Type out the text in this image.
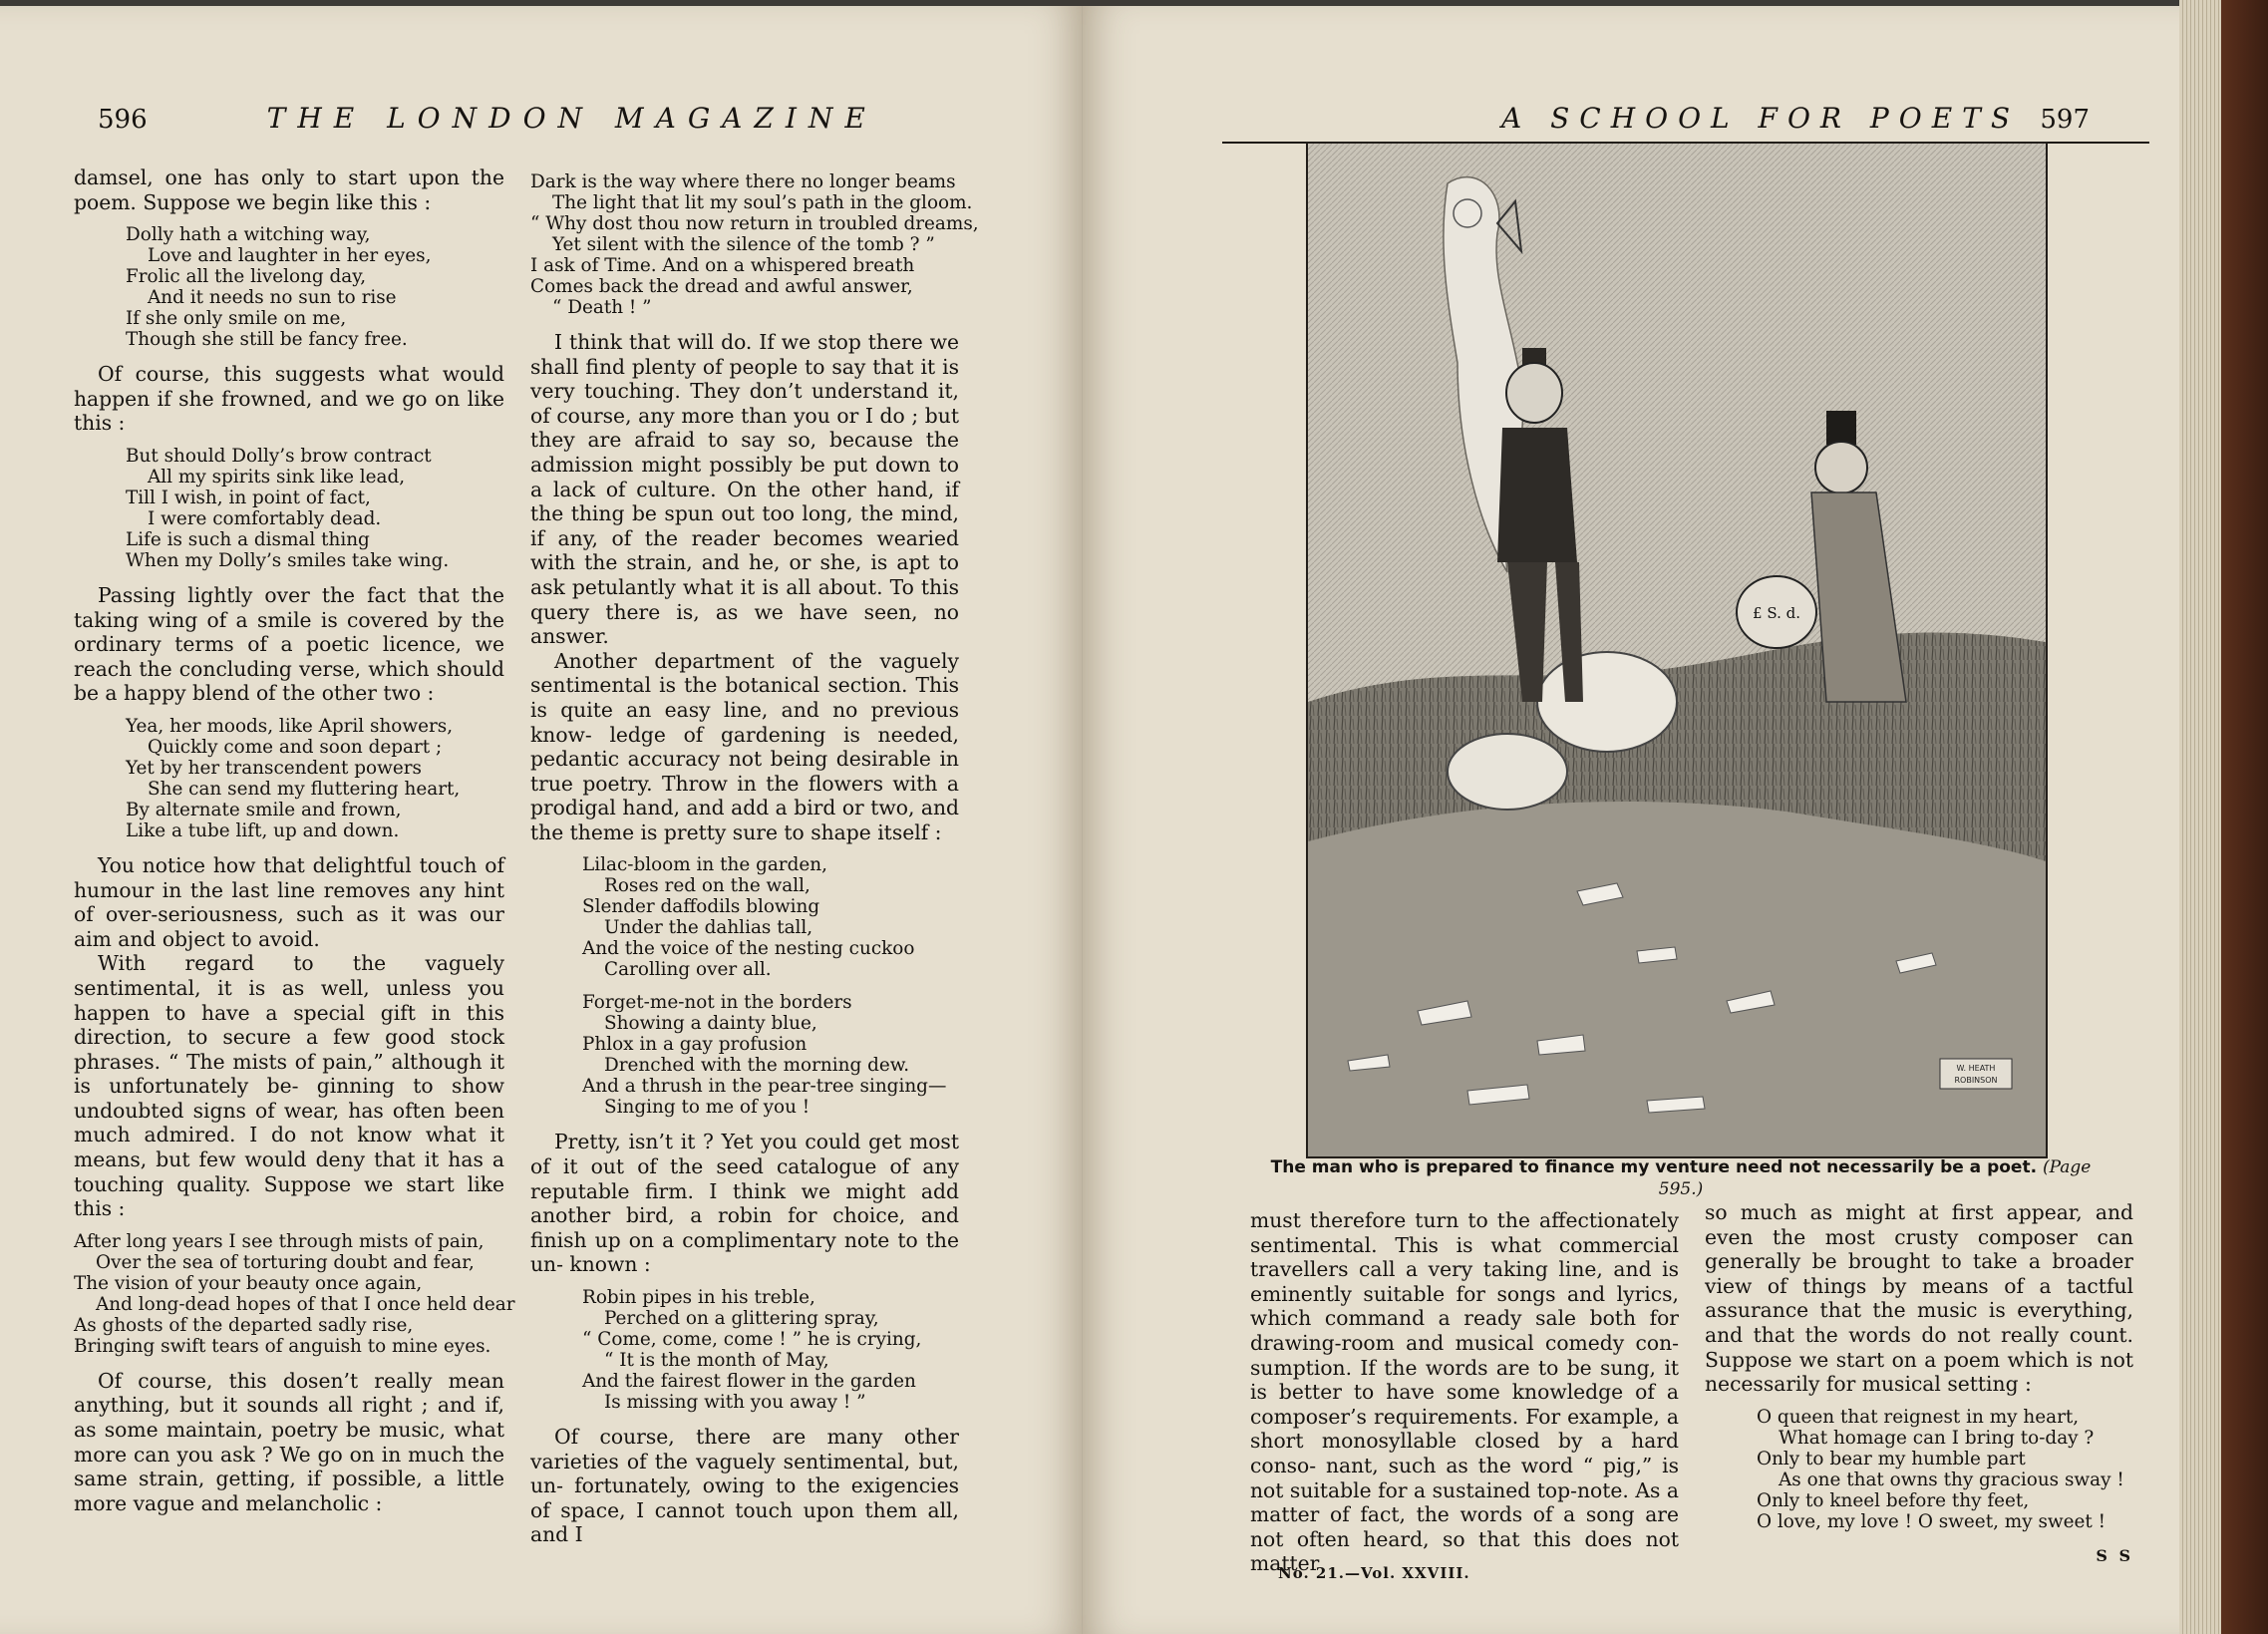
596	THE LONDON MAGAZINE

damsel, one has only to start upon the poem. Suppose we begin like this :

Dolly hath a witching way,
Love and laughter in her eyes,
Frolic all the livelong day,
And it needs no sun to rise
If she only smile on me,
Though she still be fancy free.

Of course, this suggests what would happen if she frowned, and we go on like this :

But should Dolly’s brow contract
All my spirits sink like lead,
Till I wish, in point of fact,
I were comfortably dead.
Life is such a dismal thing
When my Dolly’s smiles take wing.

Passing lightly over the fact that the taking wing of a smile is covered by the ordinary terms of a poetic licence, we reach the concluding verse, which should be a happy blend of the other two :

Yea, her moods, like April showers,
Quickly come and soon depart ;
Yet by her transcendent powers
She can send my fluttering heart,
By alternate smile and frown,
Like a tube lift, up and down.

You notice how that delightful touch of humour in the last line removes any hint of over-seriousness, such as it was our aim and object to avoid.

With regard to the vaguely sentimental, it is as well, unless you happen to have a special gift in this direction, to secure a few good stock phrases. “ The mists of pain,” although it is unfortunately be- ginning to show undoubted signs of wear, has often been much admired. I do not know what it means, but few would deny that it has a touching quality. Suppose we start like this :

After long years I see through mists of pain,
Over the sea of torturing doubt and fear,
The vision of your beauty once again,
And long-dead hopes of that I once held dear
As ghosts of the departed sadly rise,
Bringing swift tears of anguish to mine eyes.

Of course, this dosen’t really mean anything, but it sounds all right ; and if, as some maintain, poetry be music, what more can you ask ? We go on in much the same strain, getting, if possible, a little more vague and melancholic :

Dark is the way where there no longer beams
The light that lit my soul’s path in the gloom.
“ Why dost thou now return in troubled dreams,
Yet silent with the silence of the tomb ? ”
I ask of Time. And on a whispered breath
Comes back the dread and awful answer,
“ Death ! ”

I think that will do. If we stop there we shall find plenty of people to say that it is very touching. They don’t understand it, of course, any more than you or I do ; but they are afraid to say so, because the admission might possibly be put down to a lack of culture. On the other hand, if the thing be spun out too long, the mind, if any, of the reader becomes wearied with the strain, and he, or she, is apt to ask petulantly what it is all about. To this query there is, as we have seen, no answer.

Another department of the vaguely sentimental is the botanical section. This is quite an easy line, and no previous know- ledge of gardening is needed, pedantic accuracy not being desirable in true poetry. Throw in the flowers with a prodigal hand, and add a bird or two, and the theme is pretty sure to shape itself :

Lilac-bloom in the garden,
Roses red on the wall,
Slender daffodils blowing
Under the dahlias tall,
And the voice of the nesting cuckoo
Carolling over all.
Forget-me-not in the borders
Showing a dainty blue,
Phlox in a gay profusion
Drenched with the morning dew.
And a thrush in the pear-tree singing—
Singing to me of you !

Pretty, isn’t it ? Yet you could get most of it out of the seed catalogue of any reputable firm. I think we might add another bird, a robin for choice, and finish up on a complimentary note to the un- known :

Robin pipes in his treble,
Perched on a glittering spray,
“ Come, come, come ! ” he is crying,
“ It is the month of May,
And the fairest flower in the garden
Is missing with you away ! ”

Of course, there are many other varieties of the vaguely sentimental, but, un- fortunately, owing to the exigencies of space, I cannot touch upon them all, and I

A SCHOOL FOR POETS 597
£ S. d.
W. HEATH
ROBINSON
The man who is prepared to finance my venture need not necessarily be a poet. (Page 595.)

must therefore turn to the affectionately sentimental. This is what commercial travellers call a very taking line, and is eminently suitable for songs and lyrics, which command a ready sale both for drawing-room and musical comedy con- sumption. If the words are to be sung, it is better to have some knowledge of a composer’s requirements. For example, a short monosyllable closed by a hard conso- nant, such as the word “ pig,” is not suitable for a sustained top-note. As a matter of fact, the words of a song are not often heard, so that this does not matter

so much as might at first appear, and even the most crusty composer can generally be brought to take a broader view of things by means of a tactful assurance that the music is everything, and that the words do not really count. Suppose we start on a poem which is not necessarily for musical setting :

O queen that reignest in my heart,
What homage can I bring to-day ?
Only to bear my humble part
As one that owns thy gracious sway !
Only to kneel before thy feet,
O love, my love ! O sweet, my sweet !
S S
No. 21.—Vol. XXVIII.
